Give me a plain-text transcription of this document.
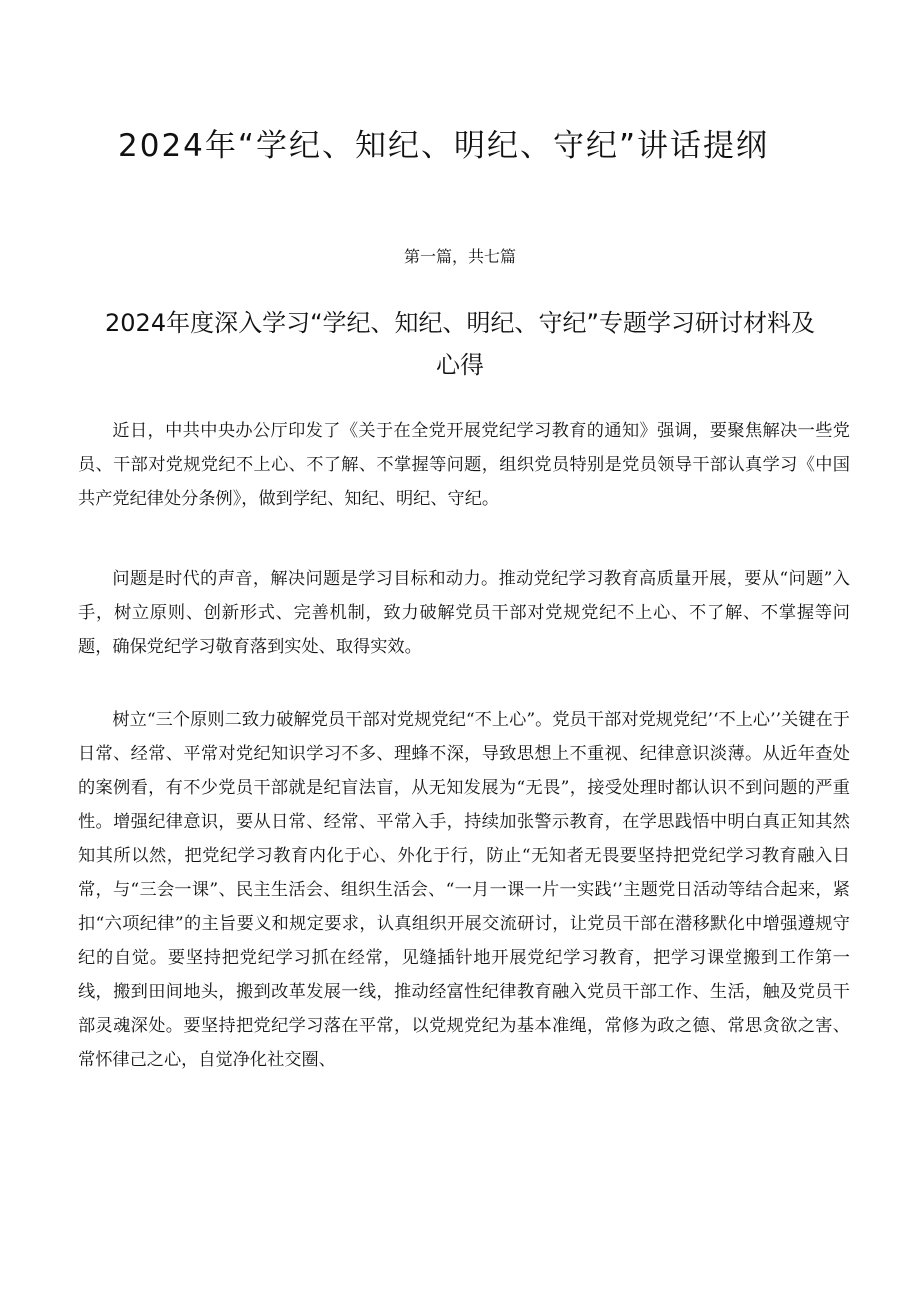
2024年“学纪、知纪、明纪、守纪”讲话提纲
第一篇，共七篇
2024年度深入学习“学纪、知纪、明纪、守纪”专题学习研讨材料及心得

近日，中共中央办公厅印发了《关于在全党开展党纪学习教育的通知》强调，要聚焦解决一些党员、干部对党规党纪不上心、不了解、不掌握等问题，组织党员特别是党员领导干部认真学习《中国共产党纪律处分条例》，做到学纪、知纪、明纪、守纪。

问题是时代的声音，解决问题是学习目标和动力。推动党纪学习教育高质量开展，要从“问题”入手，树立原则、创新形式、完善机制，致力破解党员干部对党规党纪不上心、不了解、不掌握等问题，确保党纪学习敬育落到实处、取得实效。

树立“三个原则二致力破解党员干部对党规党纪“不上心”。党员干部对党规党纪’‘不上心’’关键在于日常、经常、平常对党纪知识学习不多、理蜂不深，导致思想上不重视、纪律意识淡薄。从近年查处的案例看，有不少党员干部就是纪盲法盲，从无知发展为“无畏”，接受处理时都认识不到问题的严重性。增强纪律意识，要从日常、经常、平常入手，持续加张警示教育，在学思践悟中明白真正知其然知其所以然，把党纪学习教育内化于心、外化于行，防止“无知者无畏要坚持把党纪学习教育融入日常，与“三会一课”、民主生活会、组织生活会、“一月一课一片一实践‘’主题党日活动等结合起来，紧扣“六项纪律”的主旨要义和规定要求，认真组织开展交流研讨，让党员干部在潜移默化中增强遵规守纪的自觉。要坚持把党纪学习抓在经常，见缝插针地开展党纪学习教育，把学习课堂搬到工作第一线，搬到田间地头，搬到改革发展一线，推动经富性纪律教育融入党员干部工作、生活，触及党员干部灵魂深处。要坚持把党纪学习落在平常，以党规党纪为基本准绳，常修为政之德、常思贪欲之害、常怀律己之心，自觉净化社交圈、
